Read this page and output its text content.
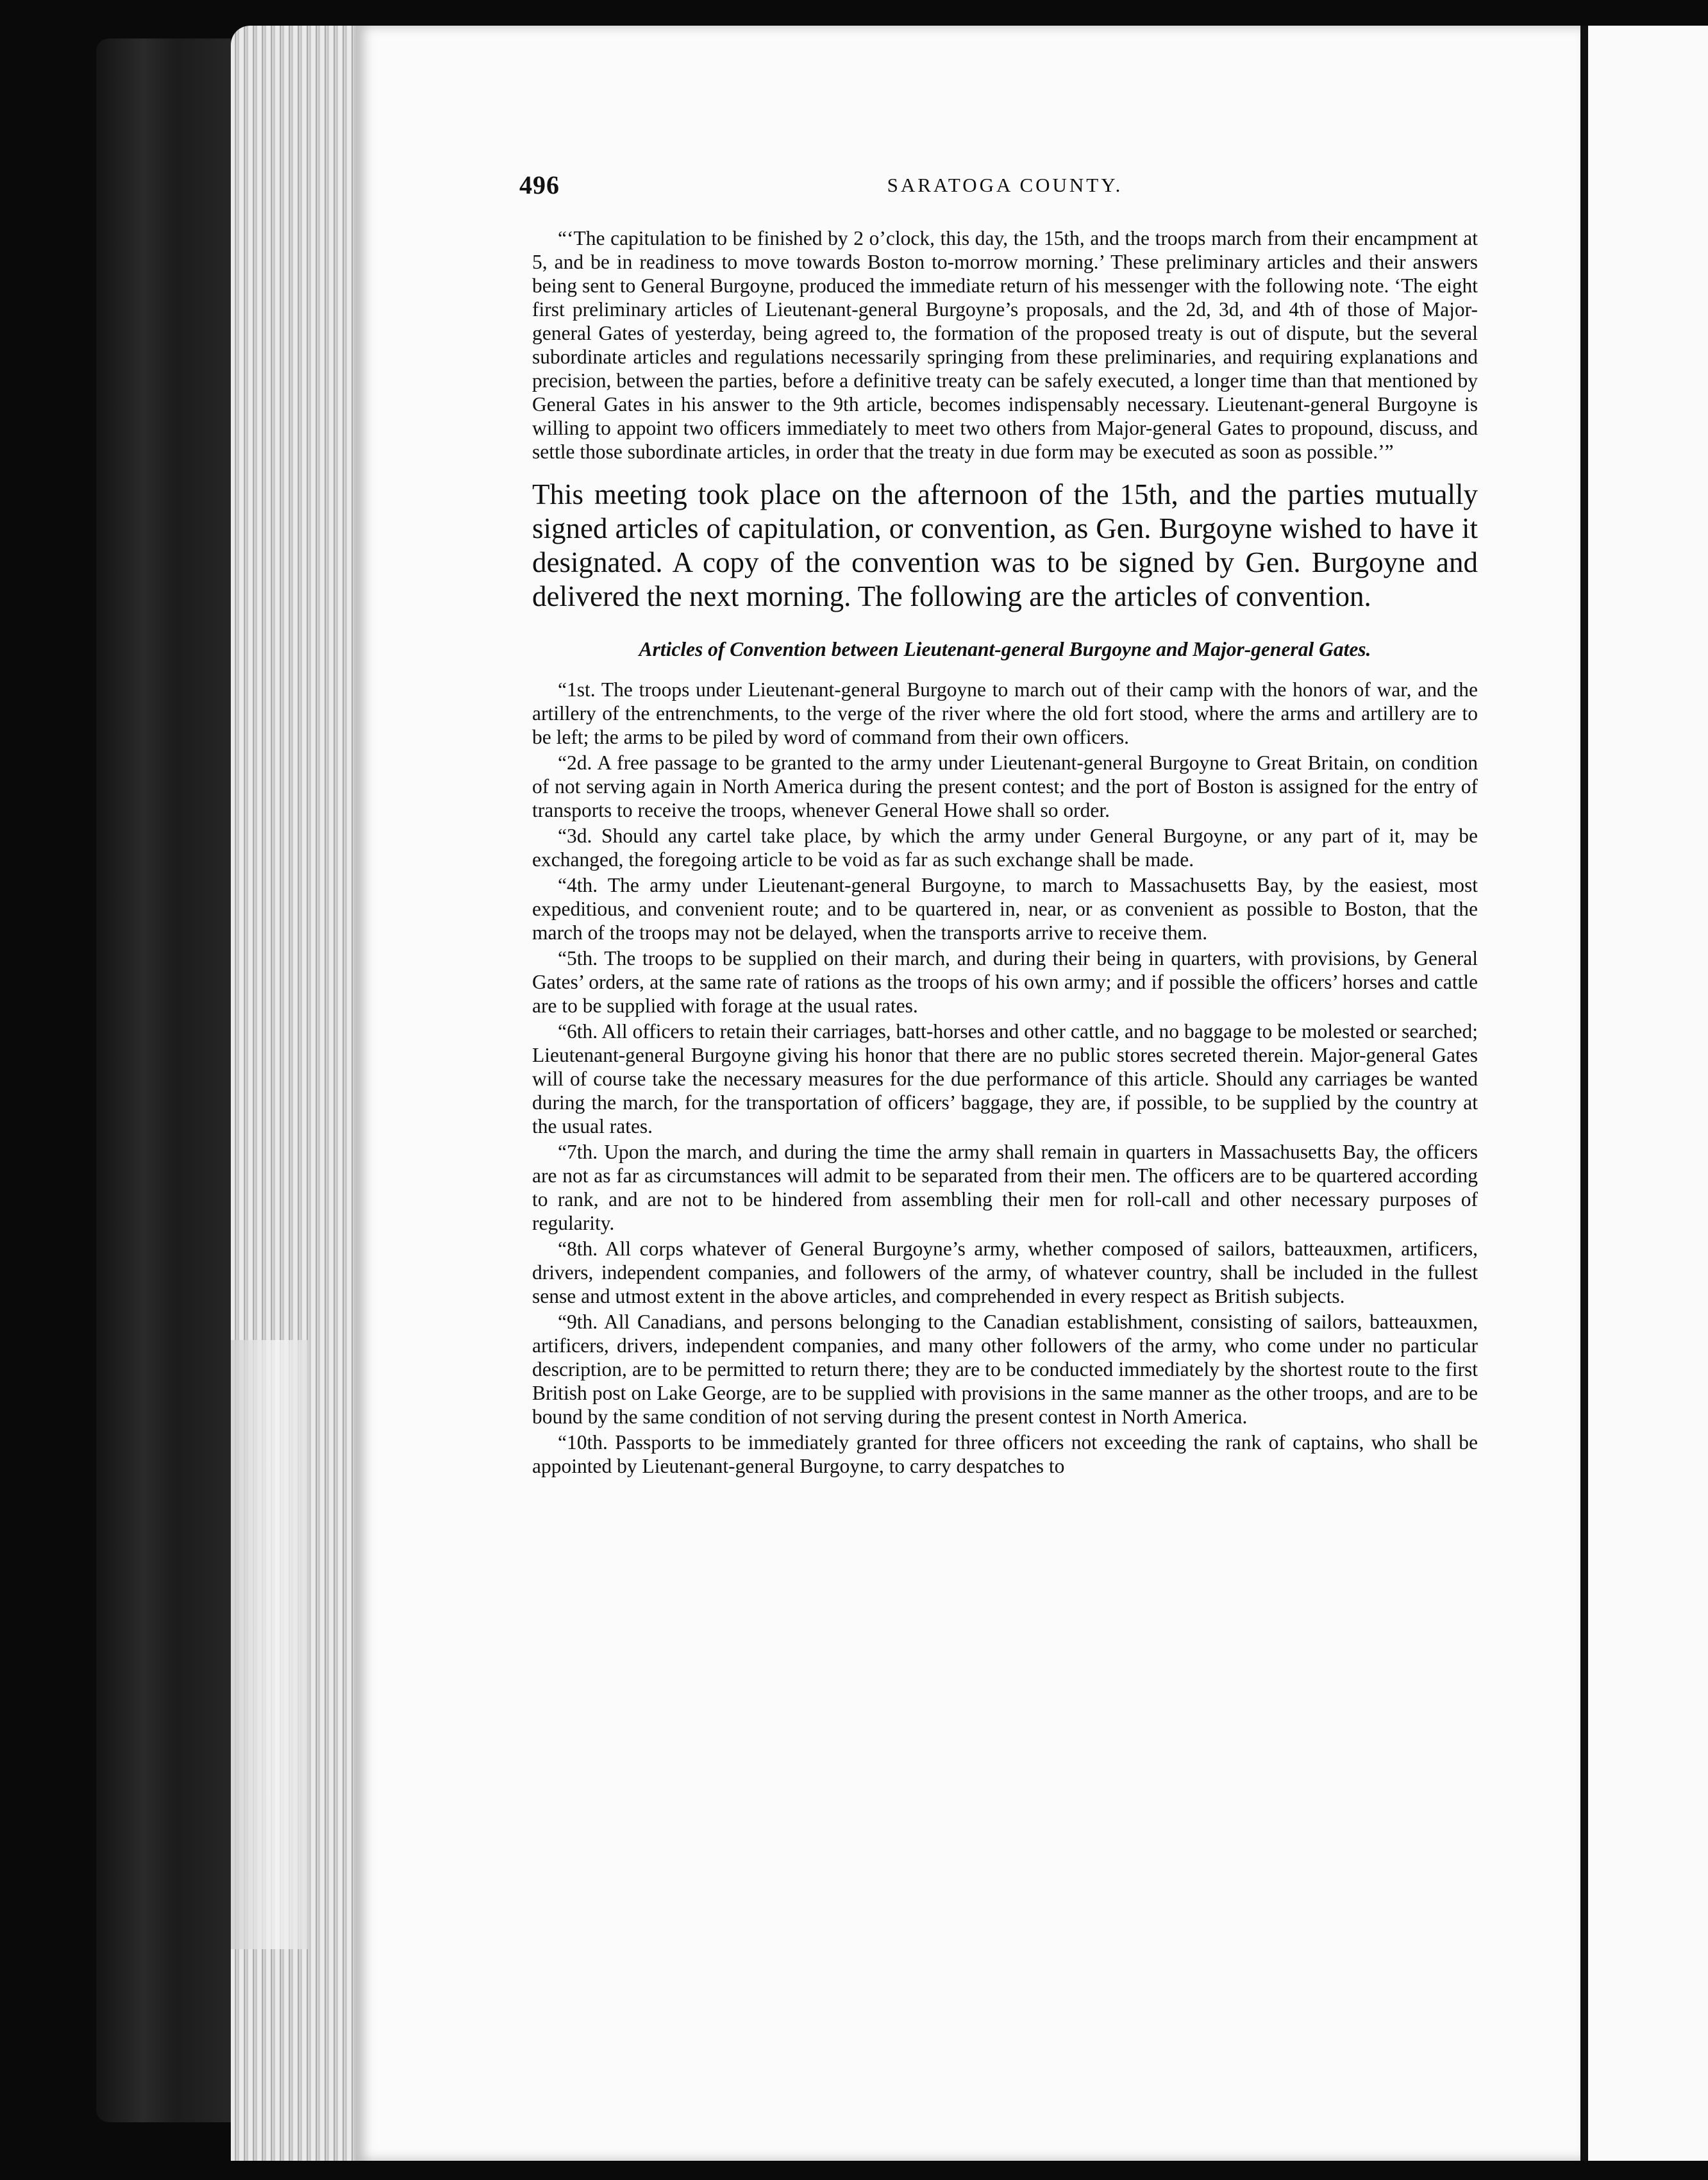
496	SARATOGA COUNTY.

“‘The capitulation to be finished by 2 o’clock, this day, the 15th, and the troops march from their encampment at 5, and be in readiness to move towards Boston to-morrow morning.’ These preliminary articles and their answers being sent to General Burgoyne, produced the immediate return of his messenger with the following note. ‘The eight first preliminary articles of Lieutenant-general Burgoyne’s proposals, and the 2d, 3d, and 4th of those of Major-general Gates of yesterday, being agreed to, the formation of the proposed treaty is out of dispute, but the several subordinate articles and regulations necessarily springing from these preliminaries, and requiring explanations and precision, between the parties, before a definitive treaty can be safely executed, a longer time than that mentioned by General Gates in his answer to the 9th article, becomes indispensably necessary. Lieutenant-general Burgoyne is willing to appoint two officers immediately to meet two others from Major-general Gates to propound, discuss, and settle those subordinate articles, in order that the treaty in due form may be executed as soon as possible.’”

This meeting took place on the afternoon of the 15th, and the parties mutually signed articles of capitulation, or convention, as Gen. Burgoyne wished to have it designated. A copy of the convention was to be signed by Gen. Burgoyne and delivered the next morning. The following are the articles of convention.

Articles of Convention between Lieutenant-general Burgoyne and Major-general Gates.

“1st. The troops under Lieutenant-general Burgoyne to march out of their camp with the honors of war, and the artillery of the entrenchments, to the verge of the river where the old fort stood, where the arms and artillery are to be left; the arms to be piled by word of command from their own officers.

“2d. A free passage to be granted to the army under Lieutenant-general Burgoyne to Great Britain, on condition of not serving again in North America during the present contest; and the port of Boston is assigned for the entry of transports to receive the troops, whenever General Howe shall so order.

“3d. Should any cartel take place, by which the army under General Burgoyne, or any part of it, may be exchanged, the foregoing article to be void as far as such exchange shall be made.

“4th. The army under Lieutenant-general Burgoyne, to march to Massachusetts Bay, by the easiest, most expeditious, and convenient route; and to be quartered in, near, or as convenient as possible to Boston, that the march of the troops may not be delayed, when the transports arrive to receive them.

“5th. The troops to be supplied on their march, and during their being in quarters, with provisions, by General Gates’ orders, at the same rate of rations as the troops of his own army; and if possible the officers’ horses and cattle are to be supplied with forage at the usual rates.

“6th. All officers to retain their carriages, batt-horses and other cattle, and no baggage to be molested or searched; Lieutenant-general Burgoyne giving his honor that there are no public stores secreted therein. Major-general Gates will of course take the necessary measures for the due performance of this article. Should any carriages be wanted during the march, for the transportation of officers’ baggage, they are, if possible, to be supplied by the country at the usual rates.

“7th. Upon the march, and during the time the army shall remain in quarters in Massachusetts Bay, the officers are not as far as circumstances will admit to be separated from their men. The officers are to be quartered according to rank, and are not to be hindered from assembling their men for roll-call and other necessary purposes of regularity.

“8th. All corps whatever of General Burgoyne’s army, whether composed of sailors, batteauxmen, artificers, drivers, independent companies, and followers of the army, of whatever country, shall be included in the fullest sense and utmost extent in the above articles, and comprehended in every respect as British subjects.

“9th. All Canadians, and persons belonging to the Canadian establishment, consisting of sailors, batteauxmen, artificers, drivers, independent companies, and many other followers of the army, who come under no particular description, are to be permitted to return there; they are to be conducted immediately by the shortest route to the first British post on Lake George, are to be supplied with provisions in the same manner as the other troops, and are to be bound by the same condition of not serving during the present contest in North America.

“10th. Passports to be immediately granted for three officers not exceeding the rank of captains, who shall be appointed by Lieutenant-general Burgoyne, to carry despatches to
